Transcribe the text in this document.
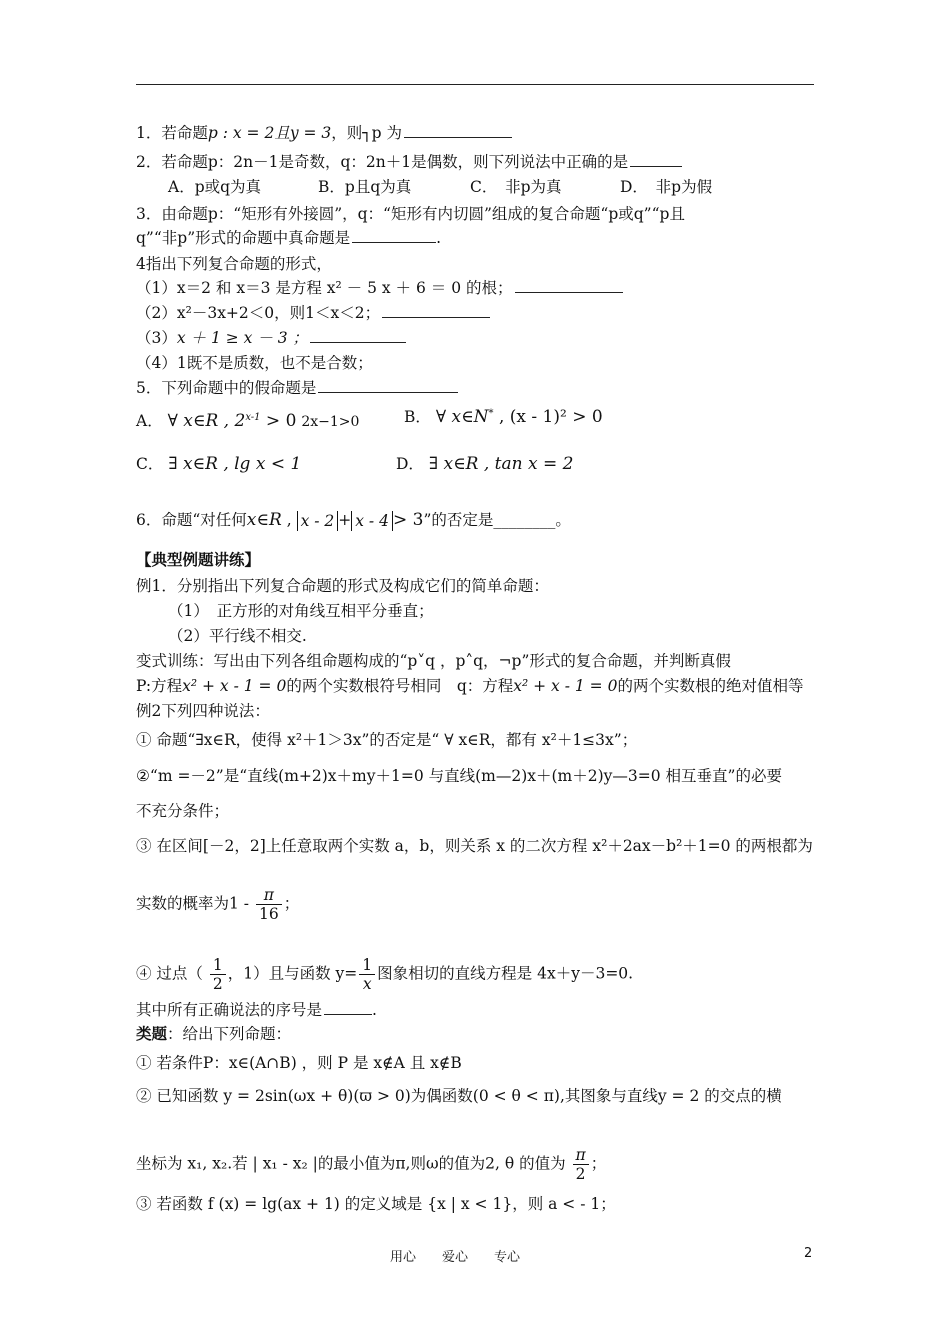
1．若命题p : x = 2且y = 3，则┐p 为
2．若命题p：2n－1是奇数，q：2n＋1是偶数，则下列说法中正确的是
A．p或q为真	B．p且q为真	C．　非p为真	D．　非p为假
3．由命题p：“矩形有外接圆”，q：“矩形有内切圆”组成的复合命题“p或q”“p且
q”“非p”形式的命题中真命题是	.
4指出下列复合命题的形式，
（1）x＝2 和 x＝3 是方程 x² － 5 x ＋ 6 ＝ 0 的根；
（2）x²－3x+2＜0，则1＜x＜2；
（3）x ＋ 1 ≥ x － 3 ；
（4）1既不是质数，也不是合数；
5．下列命题中的假命题是
A． ∀ x∈R , $2^{x-1} > 0$ 2x−1>0	B． ∀ x∈N* , (x - 1)² > 0
C． ∃ x∈R , lg x < 1	D． ∃ x∈R , tan x = 2
6．命题“对任何x∈R , x - 2 + x - 4 > 3”的否定是________。
【典型例题讲练】
例1．分别指出下列复合命题的形式及构成它们的简单命题：
（1）　正方形的对角线互相平分垂直；
（2）平行线不相交.
变式训练：写出由下列各组命题构成的“p˅q ，p˄q，¬p”形式的复合命题，并判断真假
P:方程x² + x - 1 = 0的两个实数根符号相同　q：方程x² + x - 1 = 0的两个实数根的绝对值相等
例2下列四种说法：
① 命题“∃x∈R，使得 x²＋1＞3x”的否定是“ ∀ x∈R，都有 x²＋1≤3x”；
②“m =－2”是“直线(m+2)x＋my＋1=0 与直线(m—2)x＋(m＋2)y—3=0 相互垂直”的必要
不充分条件；
③ 在区间[－2，2]上任意取两个实数 a，b，则关系 x 的二次方程 x²＋2ax－b²＋1=0 的两根都为
实数的概率为$1 - \frac{\pi}{16}$ ；
④ 过点（ $\frac{1}{2}$ ，1）且与函数 $y= \frac{1}{x}$ 图象相切的直线方程是 4x＋y－3=0.
其中所有正确说法的序号是	.
类题：给出下列命题：
① 若条件P：x∈(A∩B) ，则 P 是 x∉A 且 x∉B
② 已知函数 y = 2sin(ωx + θ)(ϖ > 0)为偶函数(0 < θ < π),其图象与直线y = 2 的交点的横
坐标为 x₁, x₂.若 | x₁ - x₂ |的最小值为π,则ω的值为2, θ 的值为 $\frac{\pi}{2}$ ；
③ 若函数 f (x) = lg(ax + 1) 的定义域是 {x | x < 1}，则 a < - 1；
用心　　爱心　　专心	2
